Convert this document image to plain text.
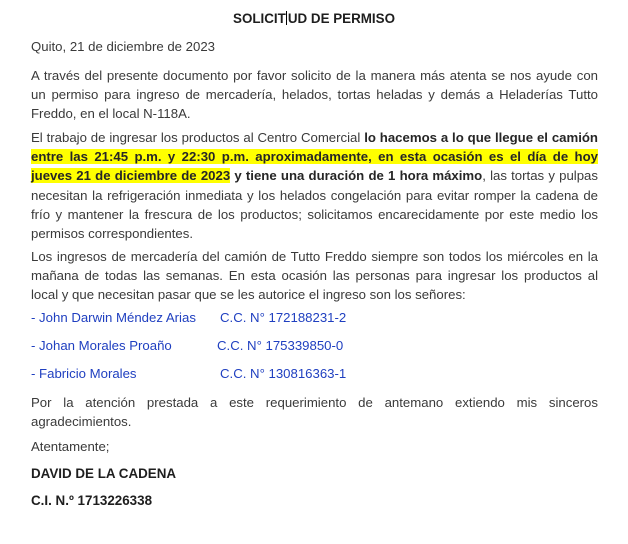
SOLICIT UD DE PERMISO
Quito, 21 de diciembre de 2023
A través del presente documento por favor solicito de la manera más atenta se nos ayude con un permiso para ingreso de mercadería, helados, tortas heladas y demás a Heladerías Tutto Freddo, en el local N-118A.
El trabajo de ingresar los productos al Centro Comercial lo hacemos a lo que llegue el camión entre las 21:45 p.m. y 22:30 p.m. aproximadamente, en esta ocasión es el día de hoy jueves 21 de diciembre de 2023 y tiene una duración de 1 hora máximo, las tortas y pulpas necesitan la refrigeración inmediata y los helados congelación para evitar romper la cadena de frío y mantener la frescura de los productos; solicitamos encarecidamente por este medio los permisos correspondientes.
Los ingresos de mercadería del camión de Tutto Freddo siempre son todos los miércoles en la mañana de todas las semanas. En esta ocasión las personas para ingresar los productos al local y que necesitan pasar que se les autorice el ingreso son los señores:
- John Darwin Méndez Arias C.C. N° 172188231-2
- Johan Morales Proaño	C.C. N° 175339850-0
- Fabricio Morales	C.C. N° 130816363-1
Por la atención prestada a este requerimiento de antemano extiendo mis sinceros agradecimientos.
Atentamente;
DAVID DE LA CADENA
C.I. N.º 1713226338
